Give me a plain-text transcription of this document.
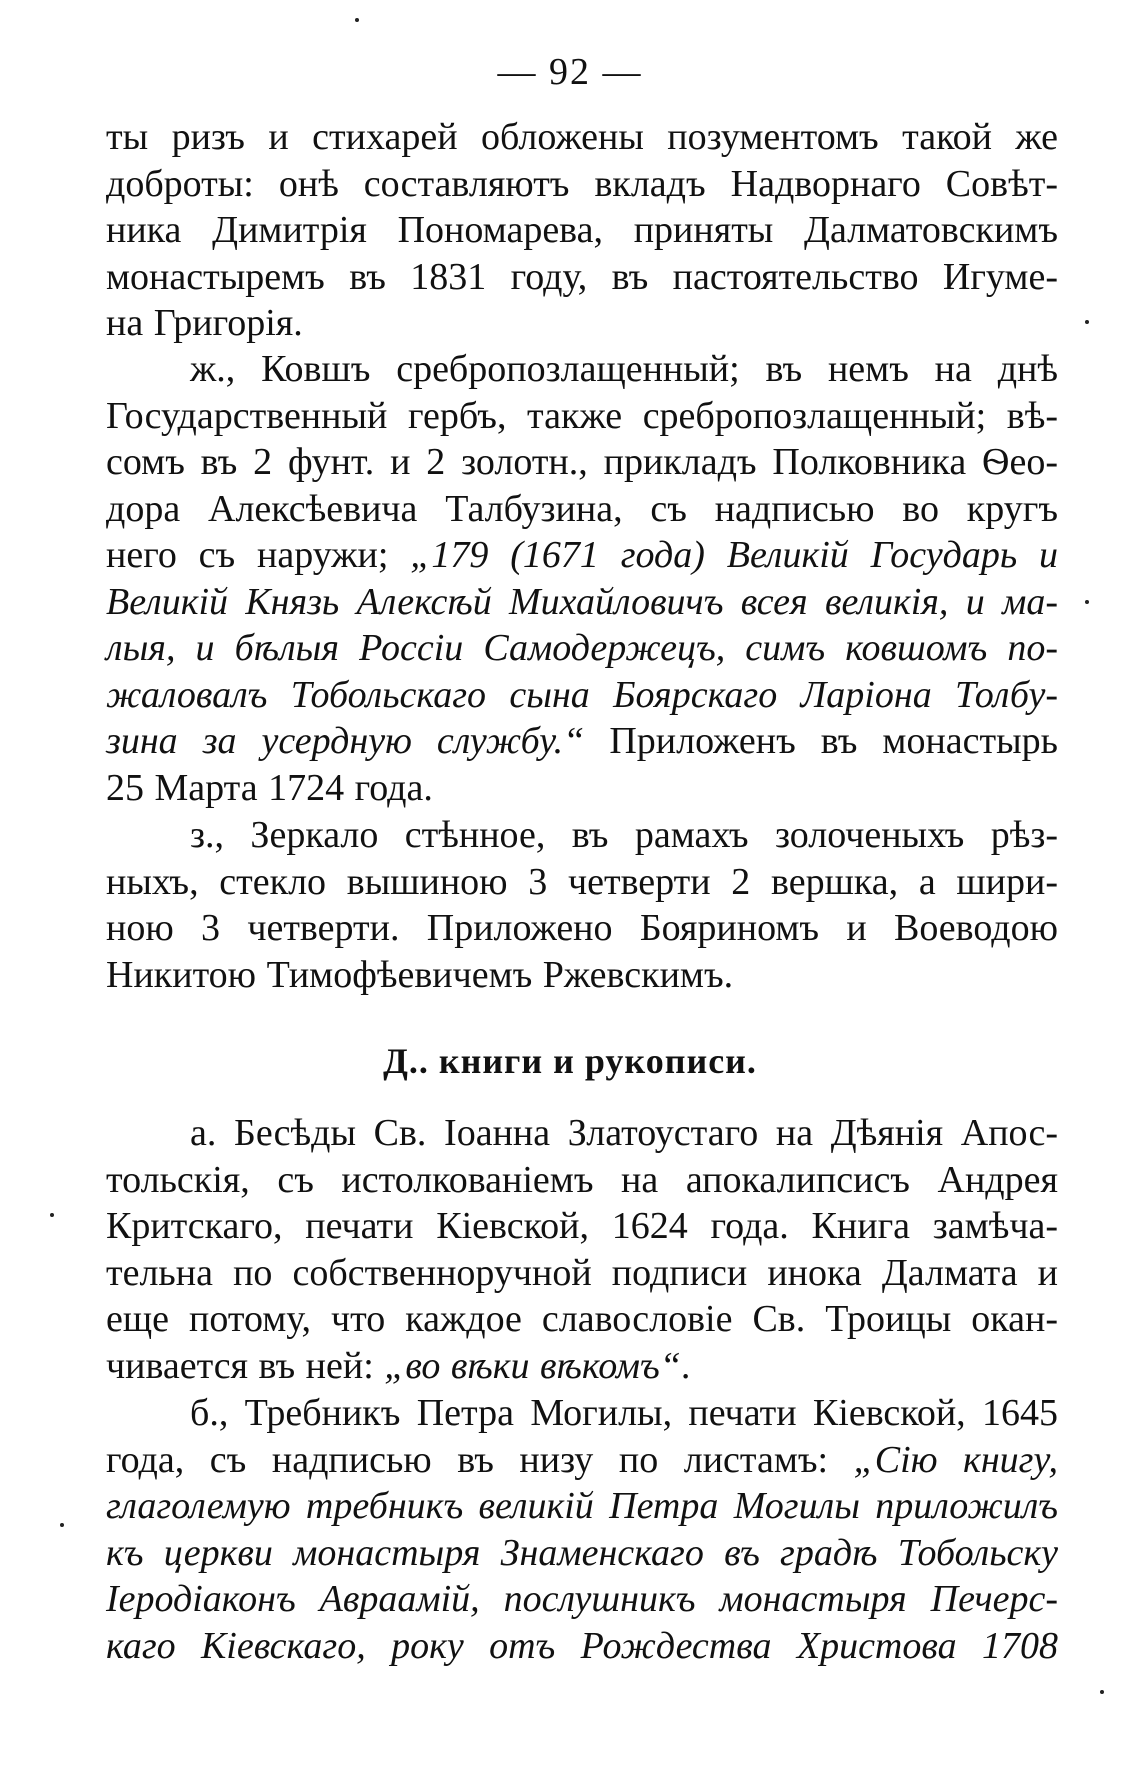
— 92 —
ты ризъ и стихарей обложены позументомъ такой же
доброты: онѣ составляютъ вкладъ Надворнаго Совѣт-
ника Димитрія Пономарева, приняты Далматовскимъ
монастыремъ въ 1831 году, въ пастоятельство Игуме-
на Григорія.
ж., Ковшъ сребропозлащенный; въ немъ на днѣ
Государственный гербъ, также сребропозлащенный; вѣ-
сомъ въ 2 фунт. и 2 золотн., прикладъ Полковника Ѳео-
дора Алексѣевича Талбузина, съ надписью во кругъ
него съ наружи; „179 (1671 года) Великій Государь и
Великій Князь Алексѣй Михайловичъ всея великія, и ма-
лыя, и бѣлыя Россіи Самодержецъ, симъ ковшомъ по-
жаловалъ Тобольскаго сына Боярскаго Ларіона Толбу-
зина за усердную службу.“ Приложенъ въ монастырь
25 Марта 1724 года.
з., Зеркало стѣнное, въ рамахъ золоченыхъ рѣз-
ныхъ, стекло вышиною 3 четверти 2 вершка, а шири-
ною 3 четверти. Приложено Бояриномъ и Воеводою
Никитою Тимофѣевичемъ Ржевскимъ.
Д.. книги и рукописи.
а. Бесѣды Св. Іоанна Златоустаго на Дѣянія Апос-
тольскія, съ истолкованіемъ на апокалипсисъ Андрея
Критскаго, печати Кіевской, 1624 года. Книга замѣча-
тельна по собственноручной подписи инока Далмата и
еще потому, что каждое славословіе Св. Троицы окан-
чивается въ ней: „во вѣки вѣкомъ“.
б., Требникъ Петра Могилы, печати Кіевской, 1645
года, съ надписью въ низу по листамъ: „Сію книгу,
глаголемую требникъ великій Петра Могилы приложилъ
къ церкви монастыря Знаменскаго въ градѣ Тобольску
Іеродіаконъ Авраамій, послушникъ монастыря Печерс-
каго Кіевскаго, року отъ Рождества Христова 1708
